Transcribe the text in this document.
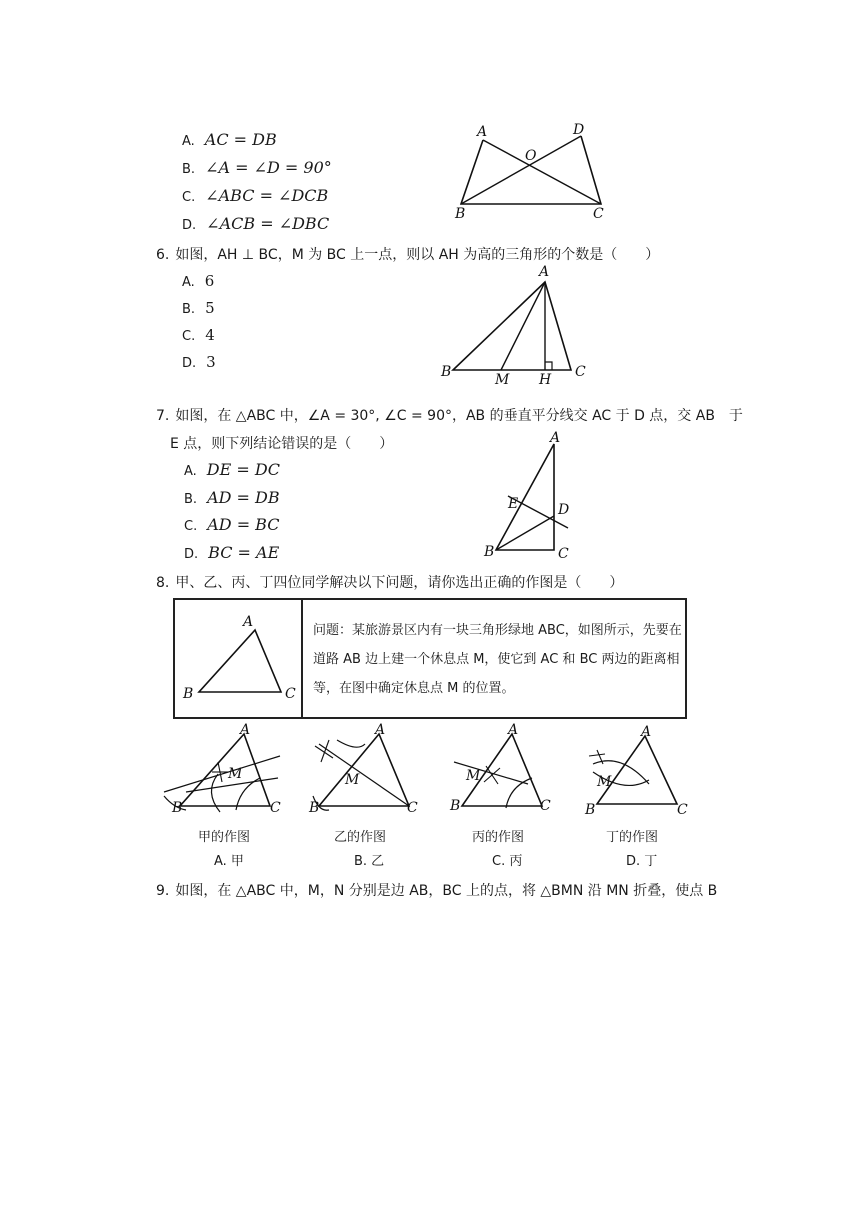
A. AC = DB
B. ∠A = ∠D = 90°
C. ∠ABC = ∠DCB
D. ∠ACB = ∠DBC
A	D
O
B	C
6. 如图，AH ⊥ BC，M 为 BC 上一点，则以 AH 为高的三角形的个数是（　　）
A. 6
B. 5
C. 4
D. 3
A
B	M H C
7. 如图，在 △ABC 中，∠A = 30°, ∠C = 90°，AB 的垂直平分线交 AC 于 D 点，交 AB　于
E 点，则下列结论错误的是（　　）
A. DE = DC
B. AD = DB
C. AD = BC
D. BC = AE
A
E	D
B	C
8. 甲、乙、丙、丁四位同学解决以下问题，请你选出正确的作图是（　　）
A
B	C
问题：某旅游景区内有一块三角形绿地 ABC，如图所示，先要在道路 AB 边上建一个休息点 M，使它到 AC 和 BC 两边的距离相等，在图中确定休息点 M 的位置。
M
A
B	C
甲的作图
A. 甲
M
A
B	C
乙的作图
B. 乙
M
A
B	C
丙的作图
C. 丙
M
A
B	C
丁的作图
D. 丁
9. 如图，在 △ABC 中，M，N 分别是边 AB，BC 上的点，将 △BMN 沿 MN 折叠，使点 B
